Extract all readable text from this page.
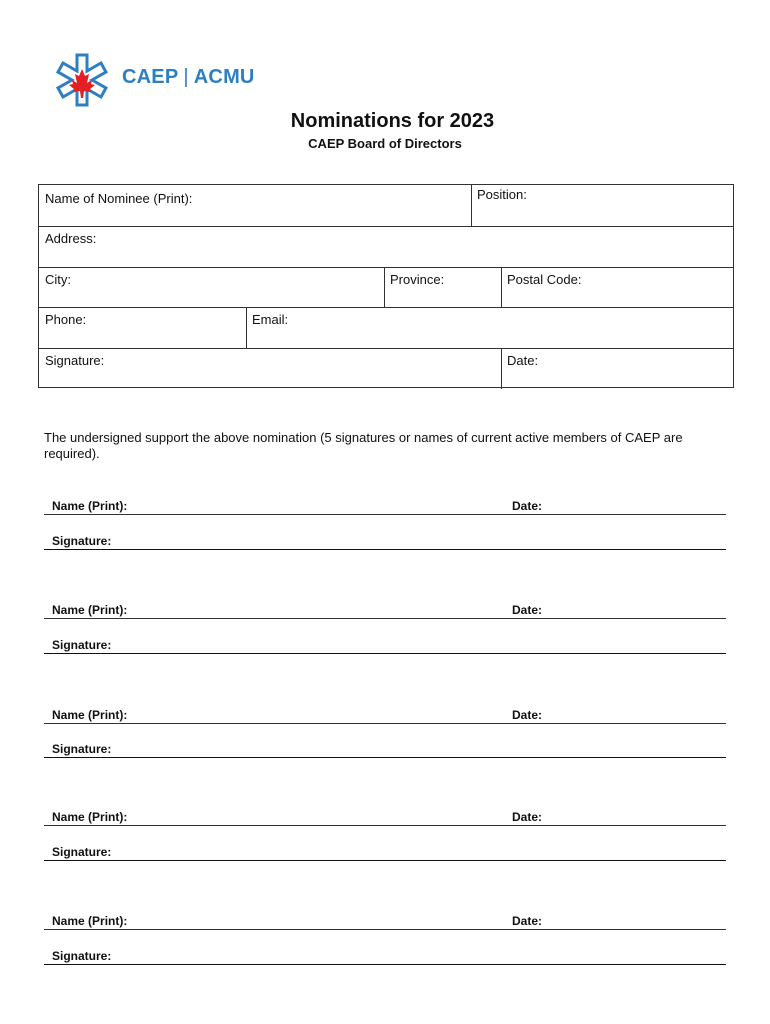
CAEP | ACMU
Nominations for 2023
CAEP Board of Directors
Name of Nominee (Print):	Position:
Address:
City:	Province:	Postal Code:
Phone:	Email:
Signature:	Date:
The undersigned support the above nomination (5 signatures or names of current active members of CAEP are required).
Name (Print):	Date:
Signature:
Name (Print):	Date:
Signature:
Name (Print):	Date:
Signature:
Name (Print):	Date:
Signature:
Name (Print):	Date:
Signature:
